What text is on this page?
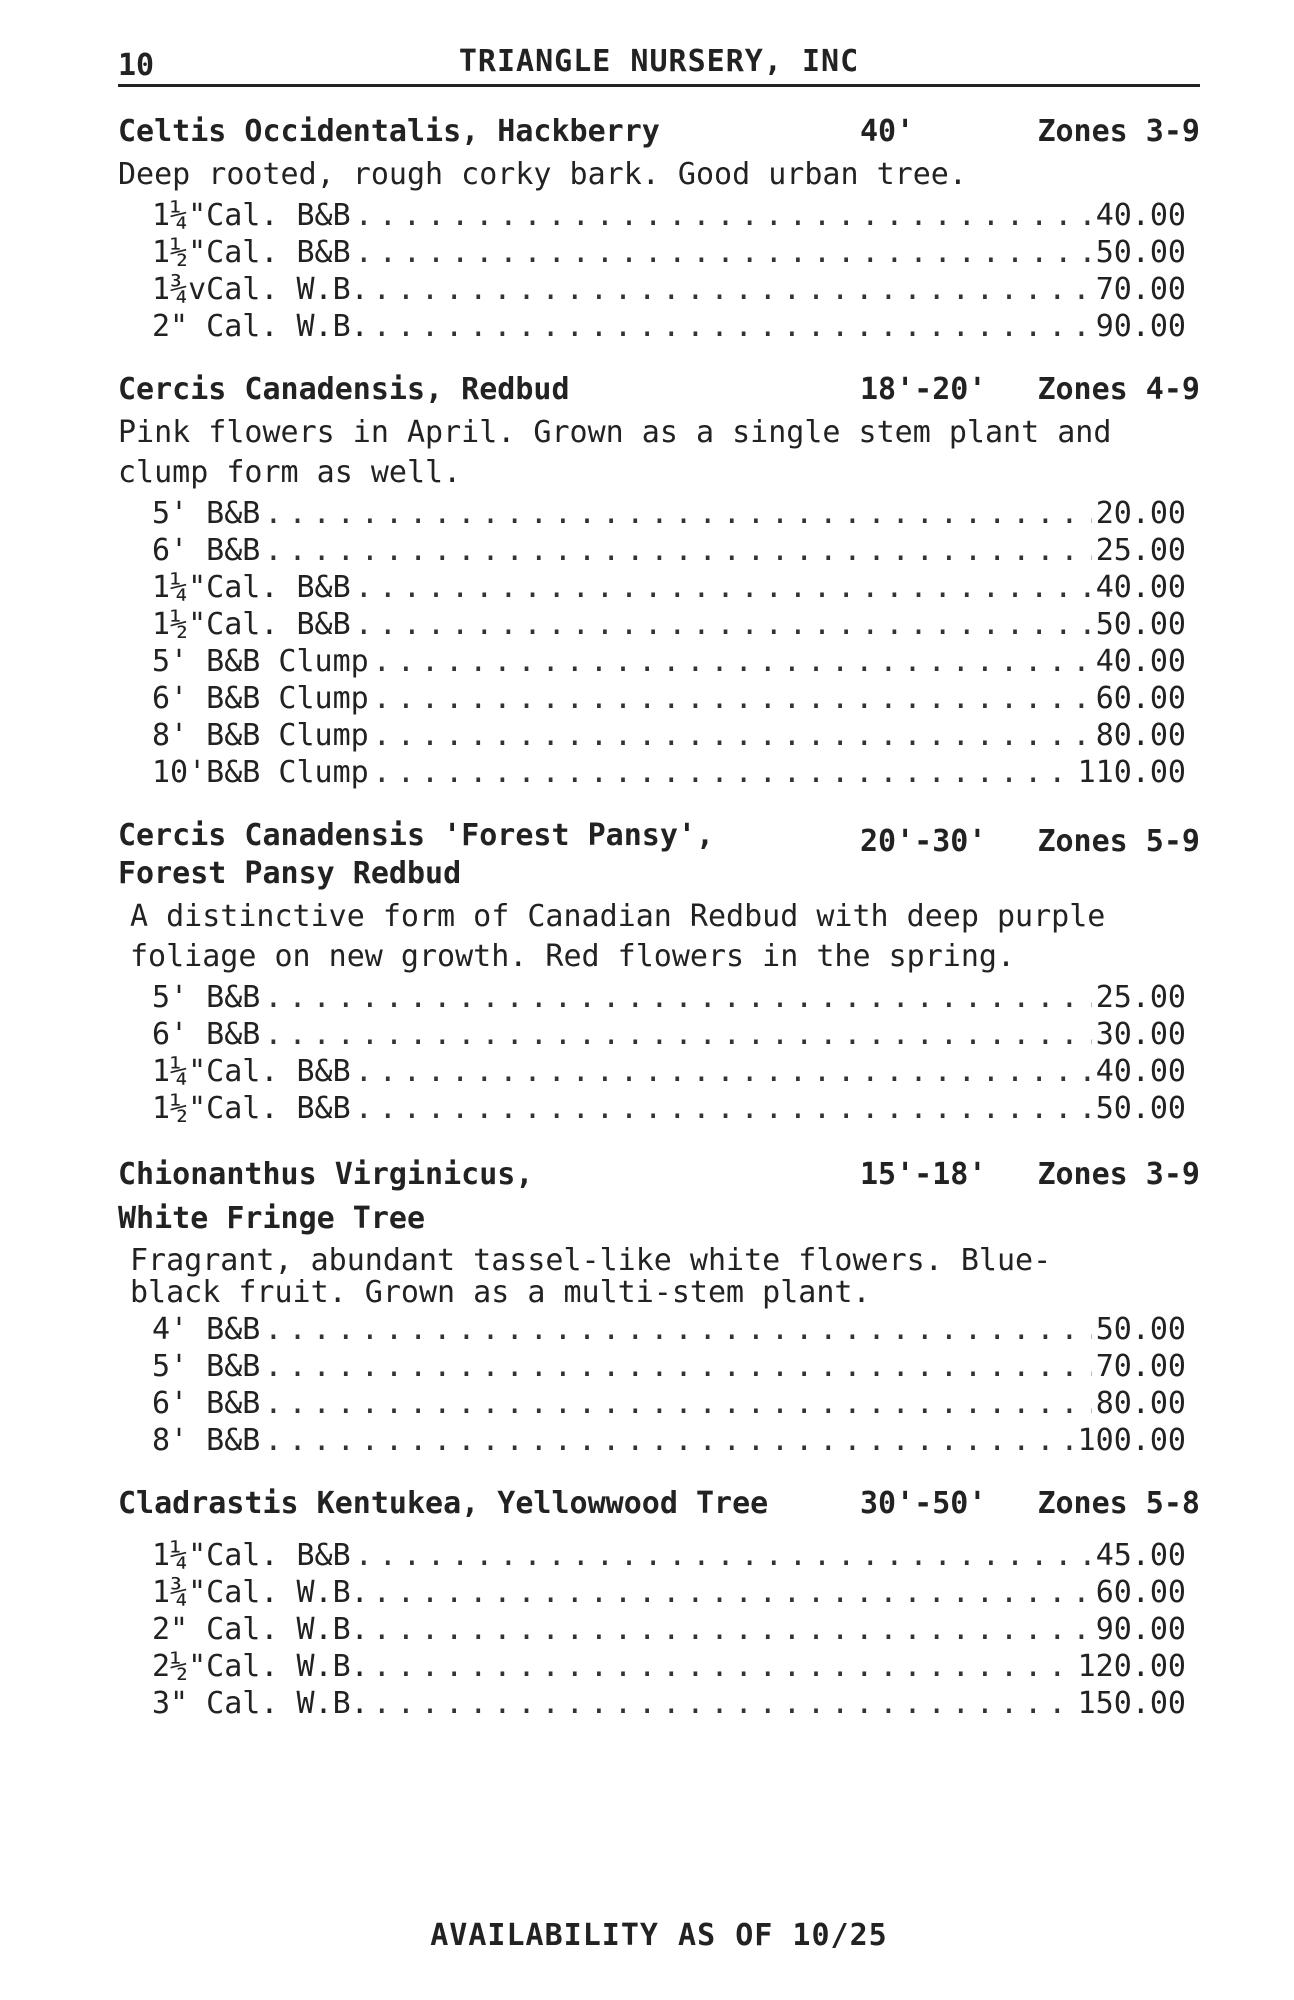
10	TRIANGLE NURSERY, INC
Celtis Occidentalis, Hackberry	40'	Zones 3-9
Deep rooted, rough corky bark. Good urban tree.
1¼"Cal. B&B . . .	40.00
1½"Cal. B&B . . .	50.00
1¾vCal. W.B. . . .	70.00
2" Cal. W.B. . . .	90.00
Cercis Canadensis, Redbud	18'-20' Zones 4-9
Pink flowers in April. Grown as a single stem plant and clump form as well.
5' B&B . . .	20.00
6' B&B . . .	25.00
1¼"Cal. B&B . . .	40.00
1½"Cal. B&B . . .	50.00
5' B&B Clump . . .	40.00
6' B&B Clump . . .	60.00
8' B&B Clump . . .	80.00
10'B&B Clump . . .	110.00
Cercis Canadensis 'Forest Pansy', Forest Pansy Redbud
20'-30' Zones 5-9
A distinctive form of Canadian Redbud with deep purple foliage on new growth. Red flowers in the spring.
5' B&B . . .	25.00
6' B&B . . .	30.00
1¼"Cal. B&B . . .	40.00
1½"Cal. B&B . . .	50.00
Chionanthus Virginicus, White Fringe Tree
15'-18' Zones 3-9
Fragrant, abundant tassel-like white flowers. Blue-black fruit. Grown as a multi-stem plant.
4' B&B . . .	50.00
5' B&B . . .	70.00
6' B&B . . .	80.00
8' B&B . . .	100.00
Cladrastis Kentukea, Yellowwood Tree	30'-50' Zones 5-8
1¼"Cal. B&B . . .	45.00
1¾"Cal. W.B. . . .	60.00
2" Cal. W.B. . . .	90.00
2½"Cal. W.B. . . .	120.00
3" Cal. W.B. . . .	150.00
AVAILABILITY AS OF 10/25
